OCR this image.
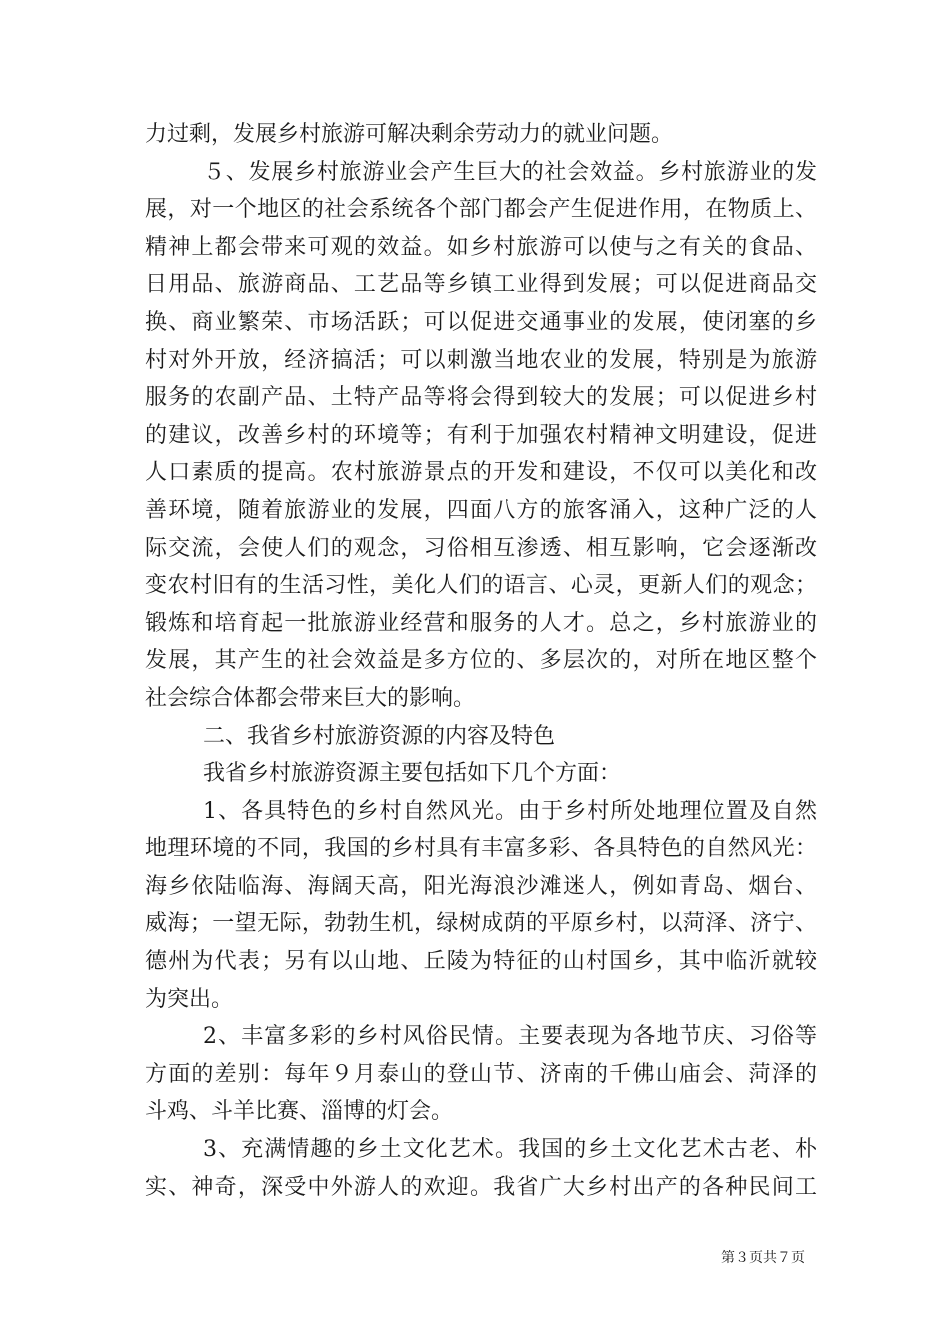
力过剩，发展乡村旅游可解决剩余劳动力的就业问题。
５、发展乡村旅游业会产生巨大的社会效益。乡村旅游业的发
展，对一个地区的社会系统各个部门都会产生促进作用，在物质上、
精神上都会带来可观的效益。如乡村旅游可以使与之有关的食品、
日用品、旅游商品、工艺品等乡镇工业得到发展；可以促进商品交
换、商业繁荣、市场活跃；可以促进交通事业的发展，使闭塞的乡
村对外开放，经济搞活；可以刺激当地农业的发展，特别是为旅游
服务的农副产品、土特产品等将会得到较大的发展；可以促进乡村
的建议，改善乡村的环境等；有利于加强农村精神文明建设，促进
人口素质的提高。农村旅游景点的开发和建设，不仅可以美化和改
善环境，随着旅游业的发展，四面八方的旅客涌入，这种广泛的人
际交流，会使人们的观念，习俗相互渗透、相互影响，它会逐渐改
变农村旧有的生活习性，美化人们的语言、心灵，更新人们的观念；
锻炼和培育起一批旅游业经营和服务的人才。总之，乡村旅游业的
发展，其产生的社会效益是多方位的、多层次的，对所在地区整个
社会综合体都会带来巨大的影响。
二、我省乡村旅游资源的内容及特色
我省乡村旅游资源主要包括如下几个方面：
1、各具特色的乡村自然风光。由于乡村所处地理位置及自然
地理环境的不同，我国的乡村具有丰富多彩、各具特色的自然风光：
海乡依陆临海、海阔天高，阳光海浪沙滩迷人，例如青岛、烟台、
威海；一望无际，勃勃生机，绿树成荫的平原乡村，以菏泽、济宁、
德州为代表；另有以山地、丘陵为特征的山村国乡，其中临沂就较
为突出。
2、丰富多彩的乡村风俗民情。主要表现为各地节庆、习俗等
方面的差别：每年９月泰山的登山节、济南的千佛山庙会、菏泽的
斗鸡、斗羊比赛、淄博的灯会。
3、充满情趣的乡土文化艺术。我国的乡土文化艺术古老、朴
实、神奇，深受中外游人的欢迎。我省广大乡村出产的各种民间工
第３页共７页
